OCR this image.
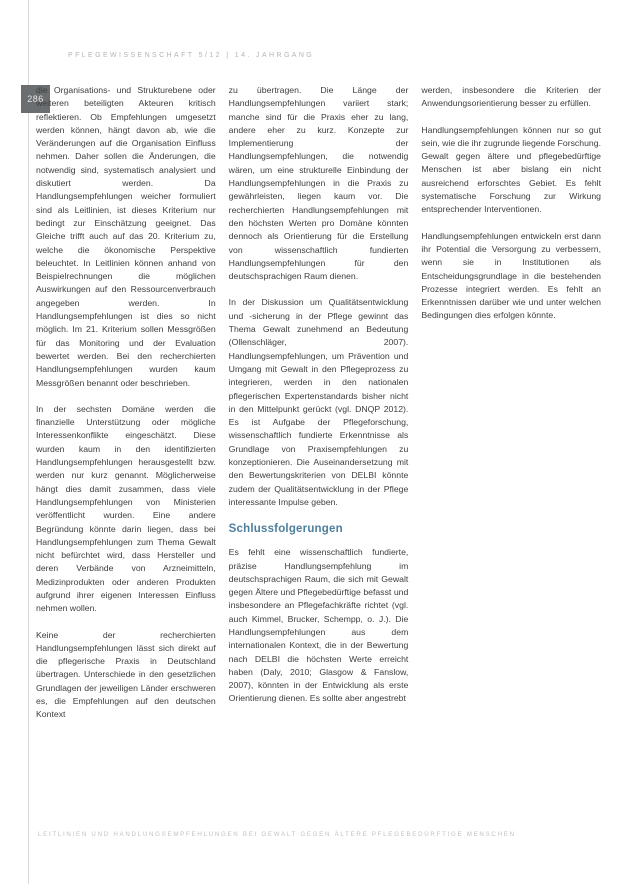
PFLEGEWISSENSCHAFT 5/12 | 14. JAHRGANG
286

die Organisations- und Strukturebene oder weiteren beteiligten Akteuren kritisch reflektieren. Ob Empfehlungen umgesetzt werden können, hängt davon ab, wie die Veränderungen auf die Organisation Einfluss nehmen. Daher sollen die Änderungen, die notwendig sind, systematisch analysiert und diskutiert werden. Da Handlungsempfehlungen weicher formuliert sind als Leitlinien, ist dieses Kriterium nur bedingt zur Einschätzung geeignet. Das Gleiche trifft auch auf das 20. Kriterium zu, welche die ökonomische Perspektive beleuchtet. In Leitlinien können anhand von Beispielrechnungen die möglichen Auswirkungen auf den Ressourcenverbrauch angegeben werden. In Handlungsempfehlungen ist dies so nicht möglich. Im 21. Kriterium sollen Messgrößen für das Monitoring und der Evaluation bewertet werden. Bei den recherchierten Handlungsempfehlungen wurden kaum Messgrößen benannt oder beschrieben.

In der sechsten Domäne werden die finanzielle Unterstützung oder mögliche Interessenkonflikte eingeschätzt. Diese wurden kaum in den identifizierten Handlungsempfehlungen herausgestellt bzw. werden nur kurz genannt. Möglicherweise hängt dies damit zusammen, dass viele Handlungsempfehlungen von Ministerien veröffentlicht wurden. Eine andere Begründung könnte darin liegen, dass bei Handlungsempfehlungen zum Thema Gewalt nicht befürchtet wird, dass Hersteller und deren Verbände von Arzneimitteln, Medizinprodukten oder anderen Produkten aufgrund ihrer eigenen Interessen Einfluss nehmen wollen.

Keine der recherchierten Handlungsempfehlungen lässt sich direkt auf die pflegerische Praxis in Deutschland übertragen. Unterschiede in den gesetzlichen Grundlagen der jeweiligen Länder erschweren es, die Empfehlungen auf den deutschen Kontext

zu übertragen. Die Länge der Handlungsempfehlungen variiert stark; manche sind für die Praxis eher zu lang, andere eher zu kurz. Konzepte zur Implementierung der Handlungsempfehlungen, die notwendig wären, um eine strukturelle Einbindung der Handlungsempfehlungen in die Praxis zu gewährleisten, liegen kaum vor. Die recherchierten Handlungsempfehlungen mit den höchsten Werten pro Domäne könnten dennoch als Orientierung für die Erstellung von wissenschaftlich fundierten Handlungsempfehlungen für den deutschsprachigen Raum dienen.

In der Diskussion um Qualitätsentwicklung und -sicherung in der Pflege gewinnt das Thema Gewalt zunehmend an Bedeutung (Ollenschläger, 2007). Handlungsempfehlungen, um Prävention und Umgang mit Gewalt in den Pflegeprozess zu integrieren, werden in den nationalen pflegerischen Expertenstandards bisher nicht in den Mittelpunkt gerückt (vgl. DNQP 2012). Es ist Aufgabe der Pflegeforschung, wissenschaftlich fundierte Erkenntnisse als Grundlage von Praxisempfehlungen zu konzeptionieren. Die Auseinandersetzung mit den Bewertungskriterien von DELBI könnte zudem der Qualitätsentwicklung in der Pflege interessante Impulse geben.

Schlussfolgerungen

Es fehlt eine wissenschaftlich fundierte, präzise Handlungsempfehlung im deutschsprachigen Raum, die sich mit Gewalt gegen Ältere und Pflegebedürftige befasst und insbesondere an Pflegefachkräfte richtet (vgl. auch Kimmel, Brucker, Schempp, o. J.). Die Handlungsempfehlungen aus dem internationalen Kontext, die in der Bewertung nach DELBI die höchsten Werte erreicht haben (Daly, 2010; Glasgow & Fanslow, 2007), könnten in der Entwicklung als erste Orientierung dienen. Es sollte aber angestrebt

werden, insbesondere die Kriterien der Anwendungsorientierung besser zu erfüllen.

Handlungsempfehlungen können nur so gut sein, wie die ihr zugrunde liegende Forschung. Gewalt gegen ältere und pflegebedürftige Menschen ist aber bislang ein nicht ausreichend erforschtes Gebiet. Es fehlt systematische Forschung zur Wirkung entsprechender Interventionen.

Handlungsempfehlungen entwickeln erst dann ihr Potential die Versorgung zu verbessern, wenn sie in Institutionen als Entscheidungsgrundlage in die bestehenden Prozesse integriert werden. Es fehlt an Erkenntnissen darüber wie und unter welchen Bedingungen dies erfolgen könnte.

LEITLINIEN UND HANDLUNGSEMPFEHLUNGEN BEI GEWALT GEGEN ÄLTERE PFLEGEBEDÜRFTIGE MENSCHEN
